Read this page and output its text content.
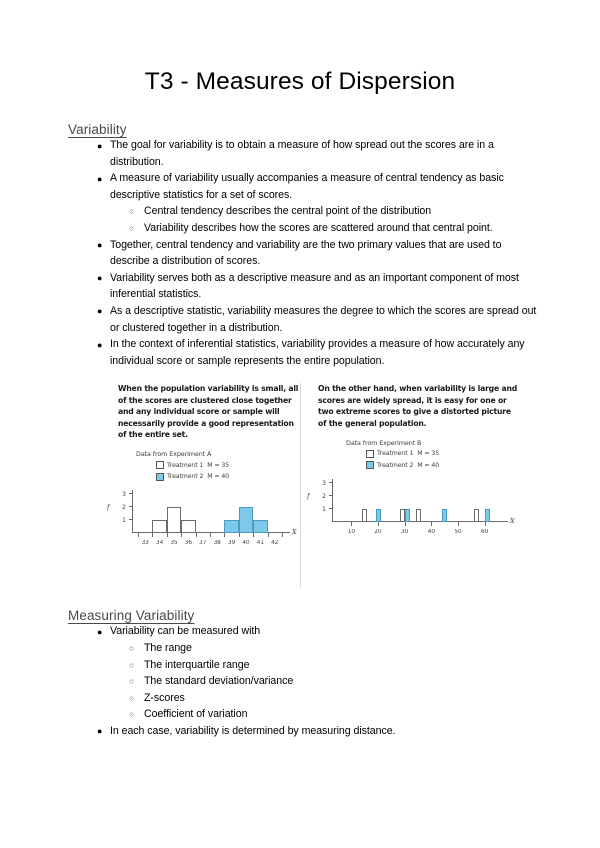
T3 - Measures of Dispersion
Variability
● The goal for variability is to obtain a measure of how spread out the scores are in a distribution.
● A measure of variability usually accompanies a measure of central tendency as basic descriptive statistics for a set of scores.
○ Central tendency describes the central point of the distribution
○ Variability describes how the scores are scattered around that central point.
● Together, central tendency and variability are the two primary values that are used to describe a distribution of scores.
● Variability serves both as a descriptive measure and as an important component of most inferential statistics.
● As a descriptive statistic, variability measures the degree to which the scores are spread out or clustered together in a distribution.
● In the context of inferential statistics, variability provides a measure of how accurately any individual score or sample represents the entire population.
When the population variability is small, all of the scores are clustered close together and any individual score or sample will necessarily provide a good representation of the entire set.
Data from Experiment A
Treatment 1 M = 35
Treatment 2 M = 40
1
2
3
f
X
33	34	35	36	37	38	39	40	41	42
On the other hand, when variability is large and scores are widely spread, it is easy for one or two extreme scores to give a distorted picture of the general population.
Data from Experiment B
Treatment 1 M = 35
Treatment 2 M = 40
1
2
3
f
X
10	20	30	40	50	60
Measuring Variability
● Variability can be measured with
○ The range
○ The interquartile range
○ The standard deviation/variance
○ Z-scores
○ Coefficient of variation
● In each case, variability is determined by measuring distance.
